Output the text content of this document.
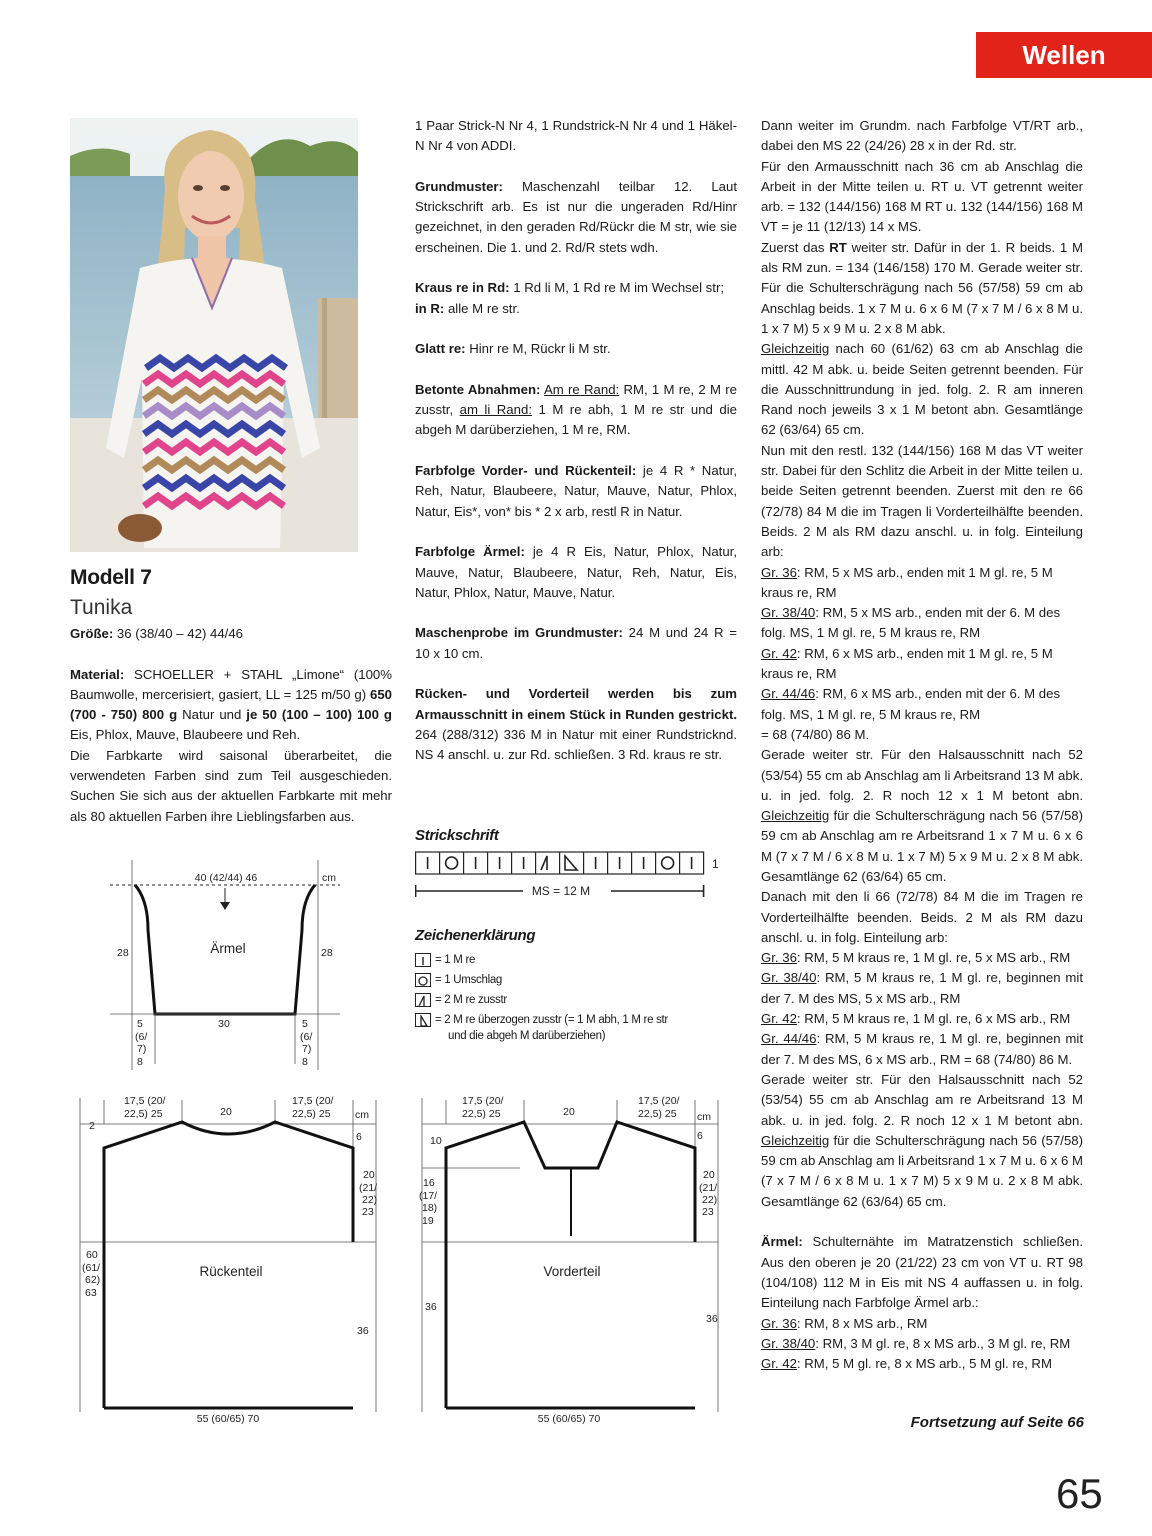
Wellen
Modell 7
Tunika

Größe: 36 (38/40 – 42) 44/46

Material: SCHOELLER + STAHL „Limone“ (100% Baumwolle, mercerisiert, gasiert, LL = 125 m/50 g) 650 (700 - 750) 800 g Natur und je 50 (100 – 100) 100 g Eis, Phlox, Mauve, Blaubeere und Reh.

Die Farbkarte wird saisonal überarbeitet, die verwendeten Farben sind zum Teil ausgeschieden. Suchen Sie sich aus der aktuellen Farbkarte mit mehr als 80 aktuellen Farben ihre Lieblingsfarben aus.

1 Paar Strick-N Nr 4, 1 Rundstrick-N Nr 4 und 1 Häkel-N Nr 4 von ADDI.

Grundmuster: Maschenzahl teilbar 12. Laut Strickschrift arb. Es ist nur die ungeraden Rd/Hinr gezeichnet, in den geraden Rd/Rückr die M str, wie sie erscheinen. Die 1. und 2. Rd/R stets wdh.

Kraus re in Rd: 1 Rd li M, 1 Rd re M im Wechsel str;
in R: alle M re str.

Glatt re: Hinr re M, Rückr li M str.

Betonte Abnahmen: Am re Rand: RM, 1 M re, 2 M re zusstr, am li Rand: 1 M re abh, 1 M re str und die abgeh M darüberziehen, 1 M re, RM.

Farbfolge Vorder- und Rückenteil: je 4 R * Natur, Reh, Natur, Blaubeere, Natur, Mauve, Natur, Phlox, Natur, Eis*, von* bis * 2 x arb, restl R in Natur.

Farbfolge Ärmel: je 4 R Eis, Natur, Phlox, Natur, Mauve, Natur, Blaubeere, Natur, Reh, Natur, Eis, Natur, Phlox, Natur, Mauve, Natur.

Maschenprobe im Grundmuster: 24 M und 24 R = 10 x 10 cm.

Rücken- und Vorderteil werden bis zum Armausschnitt in einem Stück in Runden gestrickt. 264 (288/312) 336 M in Natur mit einer Rundstricknd. NS 4 anschl. u. zur Rd. schließen. 3 Rd. kraus re str.

Strickschrift
1
MS = 12 M
Zeichenerklärung
= 1 M re
= 1 Umschlag
= 2 M re zusstr
= 2 M re überzogen zusstr (= 1 M abh, 1 M re str
und die abgeh M darüberziehen)

Dann weiter im Grundm. nach Farbfolge VT/RT arb., dabei den MS 22 (24/26) 28 x in der Rd. str.

Für den Armausschnitt nach 36 cm ab Anschlag die Arbeit in der Mitte teilen u. RT u. VT getrennt weiter arb. = 132 (144/156) 168 M RT u. 132 (144/156) 168 M VT = je 11 (12/13) 14 x MS.

Zuerst das RT weiter str. Dafür in der 1. R beids. 1 M als RM zun. = 134 (146/158) 170 M. Gerade weiter str. Für die Schulterschrägung nach 56 (57/58) 59 cm ab Anschlag beids. 1 x 7 M u. 6 x 6 M (7 x 7 M / 6 x 8 M u. 1 x 7 M) 5 x 9 M u. 2 x 8 M abk.

Gleichzeitig nach 60 (61/62) 63 cm ab Anschlag die mittl. 42 M abk. u. beide Seiten getrennt beenden. Für die Ausschnittrundung in jed. folg. 2. R am inneren Rand noch jeweils 3 x 1 M betont abn. Gesamtlänge 62 (63/64) 65 cm.

Nun mit den restl. 132 (144/156) 168 M das VT weiter str. Dabei für den Schlitz die Arbeit in der Mitte teilen u. beide Seiten getrennt beenden. Zuerst mit den re 66 (72/78) 84 M die im Tragen li Vorderteilhälfte beenden. Beids. 2 M als RM dazu anschl. u. in folg. Einteilung arb:

Gr. 36: RM, 5 x MS arb., enden mit 1 M gl. re, 5 M kraus re, RM

Gr. 38/40: RM, 5 x MS arb., enden mit der 6. M des folg. MS, 1 M gl. re, 5 M kraus re, RM

Gr. 42: RM, 6 x MS arb., enden mit 1 M gl. re, 5 M kraus re, RM

Gr. 44/46: RM, 6 x MS arb., enden mit der 6. M des folg. MS, 1 M gl. re, 5 M kraus re, RM

= 68 (74/80) 86 M.

Gerade weiter str. Für den Halsausschnitt nach 52 (53/54) 55 cm ab Anschlag am li Arbeitsrand 13 M abk. u. in jed. folg. 2. R noch 12 x 1 M betont abn. Gleichzeitig für die Schulterschrägung nach 56 (57/58) 59 cm ab Anschlag am re Arbeitsrand 1 x 7 M u. 6 x 6 M (7 x 7 M / 6 x 8 M u. 1 x 7 M) 5 x 9 M u. 2 x 8 M abk. Gesamtlänge 62 (63/64) 65 cm.

Danach mit den li 66 (72/78) 84 M die im Tragen re Vorderteilhälfte beenden. Beids. 2 M als RM dazu anschl. u. in folg. Einteilung arb:

Gr. 36: RM, 5 M kraus re, 1 M gl. re, 5 x MS arb., RM

Gr. 38/40: RM, 5 M kraus re, 1 M gl. re, beginnen mit der 7. M des MS, 5 x MS arb., RM

Gr. 42: RM, 5 M kraus re, 1 M gl. re, 6 x MS arb., RM

Gr. 44/46: RM, 5 M kraus re, 1 M gl. re, beginnen mit der 7. M des MS, 6 x MS arb., RM = 68 (74/80) 86 M.

Gerade weiter str. Für den Halsausschnitt nach 52 (53/54) 55 cm ab Anschlag am re Arbeitsrand 13 M abk. u. in jed. folg. 2. R noch 12 x 1 M betont abn. Gleichzeitig für die Schulterschrägung nach 56 (57/58) 59 cm ab Anschlag am li Arbeitsrand 1 x 7 M u. 6 x 6 M (7 x 7 M / 6 x 8 M u. 1 x 7 M) 5 x 9 M u. 2 x 8 M abk. Gesamtlänge 62 (63/64) 65 cm.

Ärmel: Schulternähte im Matratzenstich schließen. Aus den oberen je 20 (21/22) 23 cm von VT u. RT 98 (104/108) 112 M in Eis mit NS 4 auffassen u. in folg. Einteilung nach Farbfolge Ärmel arb.:

Gr. 36: RM, 8 x MS arb., RM

Gr. 38/40: RM, 3 M gl. re, 8 x MS arb., 3 M gl. re, RM

Gr. 42: RM, 5 M gl. re, 8 x MS arb., 5 M gl. re, RM

40 (42/44) 46	cm
28	28
Ärmel
30
5
(6/
7)
8
5
(6/
7)
8
17,5 (20/
22,5) 25	20
17,5 (20/
22,5) 25 cm
2
6
20
(21/
22)
23
60
(61/
62)
63
Rückenteil
36
55 (60/65) 70
17,5 (20/
22,5) 25	20
17,5 (20/
22,5) 25 cm
10	6
16
(17/
18)
19
20
(21/
22)
23
Vorderteil
36
36
55 (60/65) 70	Fortsetzung auf Seite 66
65
